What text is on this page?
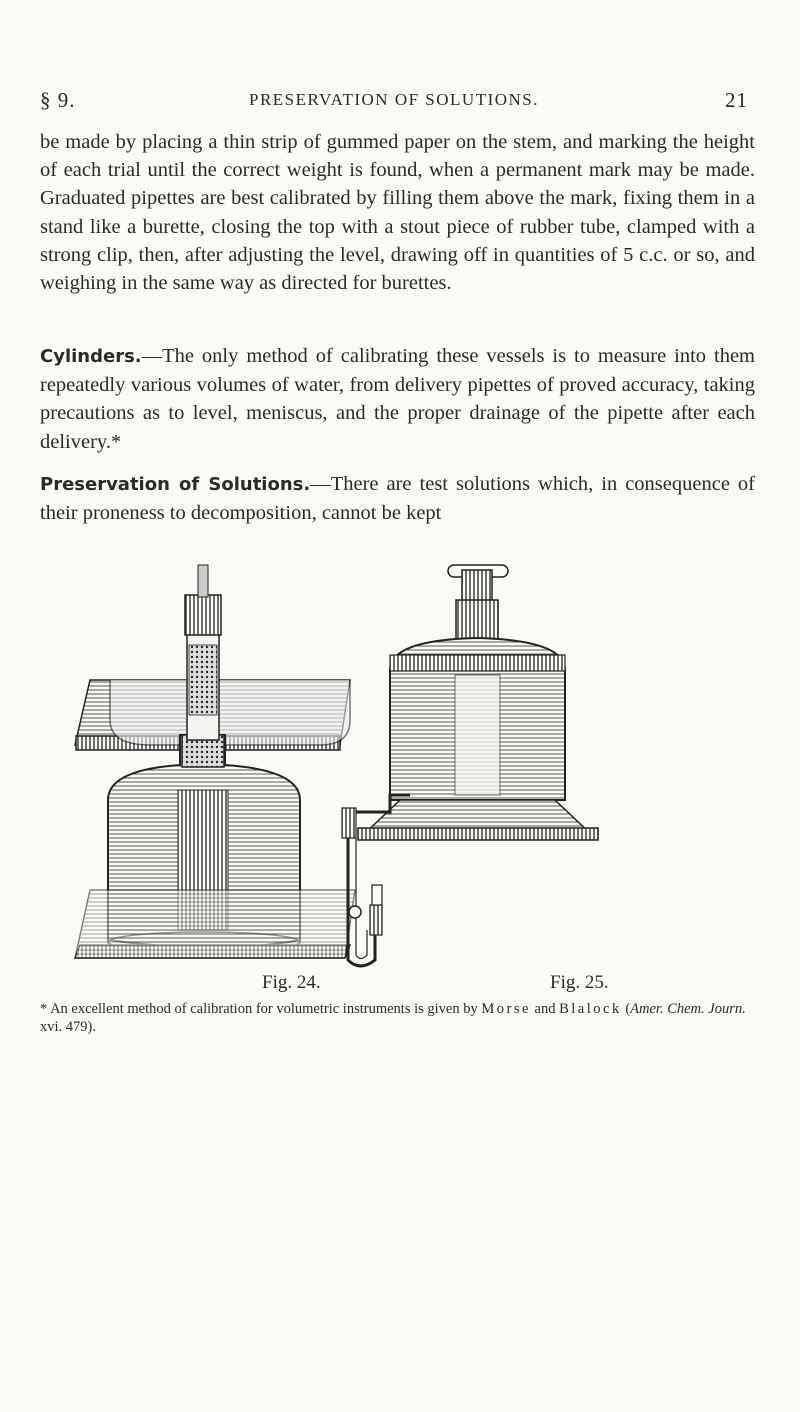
§ 9.	PRESERVATION OF SOLUTIONS.	21

be made by placing a thin strip of gummed paper on the stem, and marking the height of each trial until the correct weight is found, when a permanent mark may be made. Graduated pipettes are best calibrated by filling them above the mark, fixing them in a stand like a burette, closing the top with a stout piece of rubber tube, clamped with a strong clip, then, after adjusting the level, drawing off in quantities of 5 c.c. or so, and weighing in the same way as directed for burettes.

Cylinders.—The only method of calibrating these vessels is to measure into them repeatedly various volumes of water, from delivery pipettes of proved accuracy, taking precautions as to level, meniscus, and the proper drainage of the pipette after each delivery.*

Preservation of Solutions.—There are test solutions which, in consequence of their proneness to decomposition, cannot be kept

Fig. 24.	Fig. 25.

* An excellent method of calibration for volumetric instruments is given by Morse and Blalock (Amer. Chem. Journ. xvi. 479).
